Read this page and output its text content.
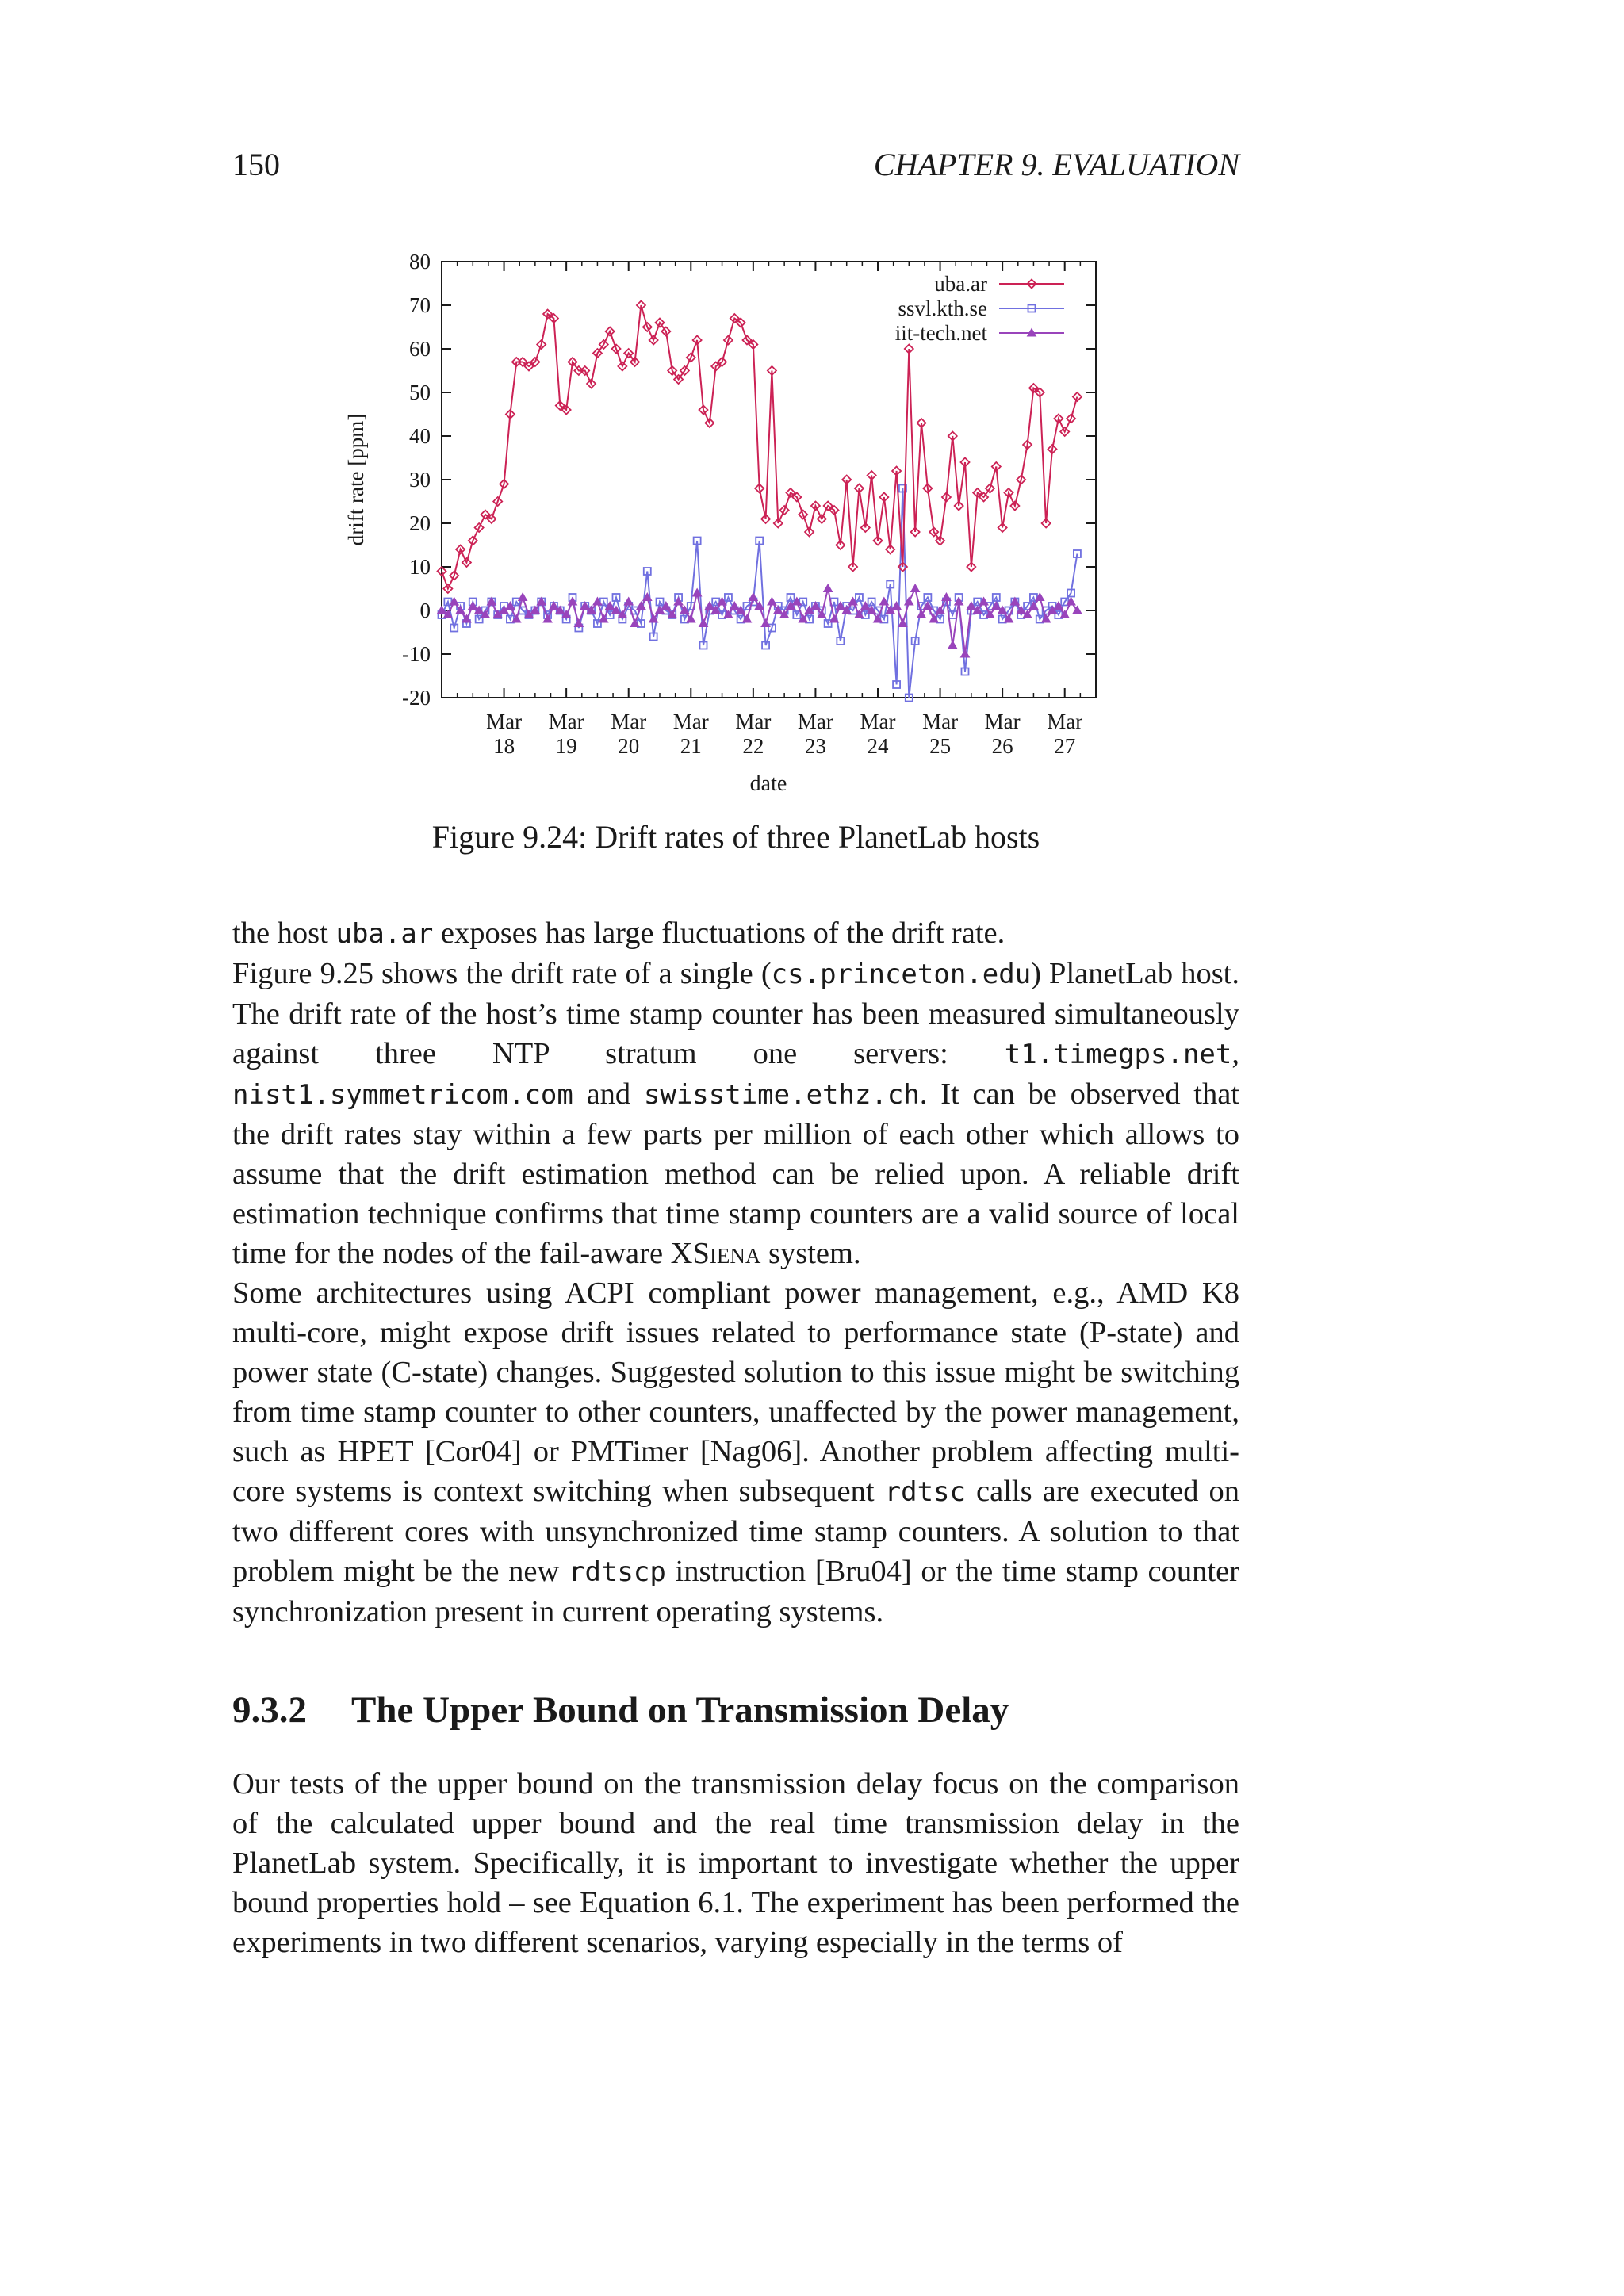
150	CHAPTER 9. EVALUATION
80
70
60
50
40
30
20
10
0
-10
-20
Mar
18
Mar
19
Mar
20
Mar
21
Mar
22
Mar
23
Mar
24
Mar
25
Mar
26
Mar
27
drift rate [ppm]
date
uba.ar
ssvl.kth.se
iit-tech.net
Figure 9.24: Drift rates of three PlanetLab hosts

the host uba.ar exposes has large fluctuations of the drift rate.

Figure 9.25 shows the drift rate of a single (cs.princeton.edu) PlanetLab host. The drift rate of the host’s time stamp counter has been measured simultaneously against three NTP stratum one servers: t1.timegps.net, nist1.symmetricom.com and swisstime.ethz.ch. It can be observed that the drift rates stay within a few parts per million of each other which allows to assume that the drift estimation method can be relied upon. A reliable drift estimation technique confirms that time stamp counters are a valid source of local time for the nodes of the fail-aware XSiena system.

Some architectures using ACPI compliant power management, e.g., AMD K8 multi-core, might expose drift issues related to performance state (P-state) and power state (C-state) changes. Suggested solution to this issue might be switching from time stamp counter to other counters, unaffected by the power management, such as HPET [Cor04] or PMTimer [Nag06]. Another problem affecting multi-core systems is context switching when subsequent rdtsc calls are executed on two different cores with unsynchronized time stamp counters. A solution to that problem might be the new rdtscp instruction [Bru04] or the time stamp counter synchronization present in current operating systems.

9.3.2 The Upper Bound on Transmission Delay

Our tests of the upper bound on the transmission delay focus on the comparison of the calculated upper bound and the real time transmission delay in the PlanetLab system. Specifically, it is important to investigate whether the upper bound properties hold – see Equation 6.1. The experiment has been performed the experiments in two different scenarios, varying especially in the terms of
